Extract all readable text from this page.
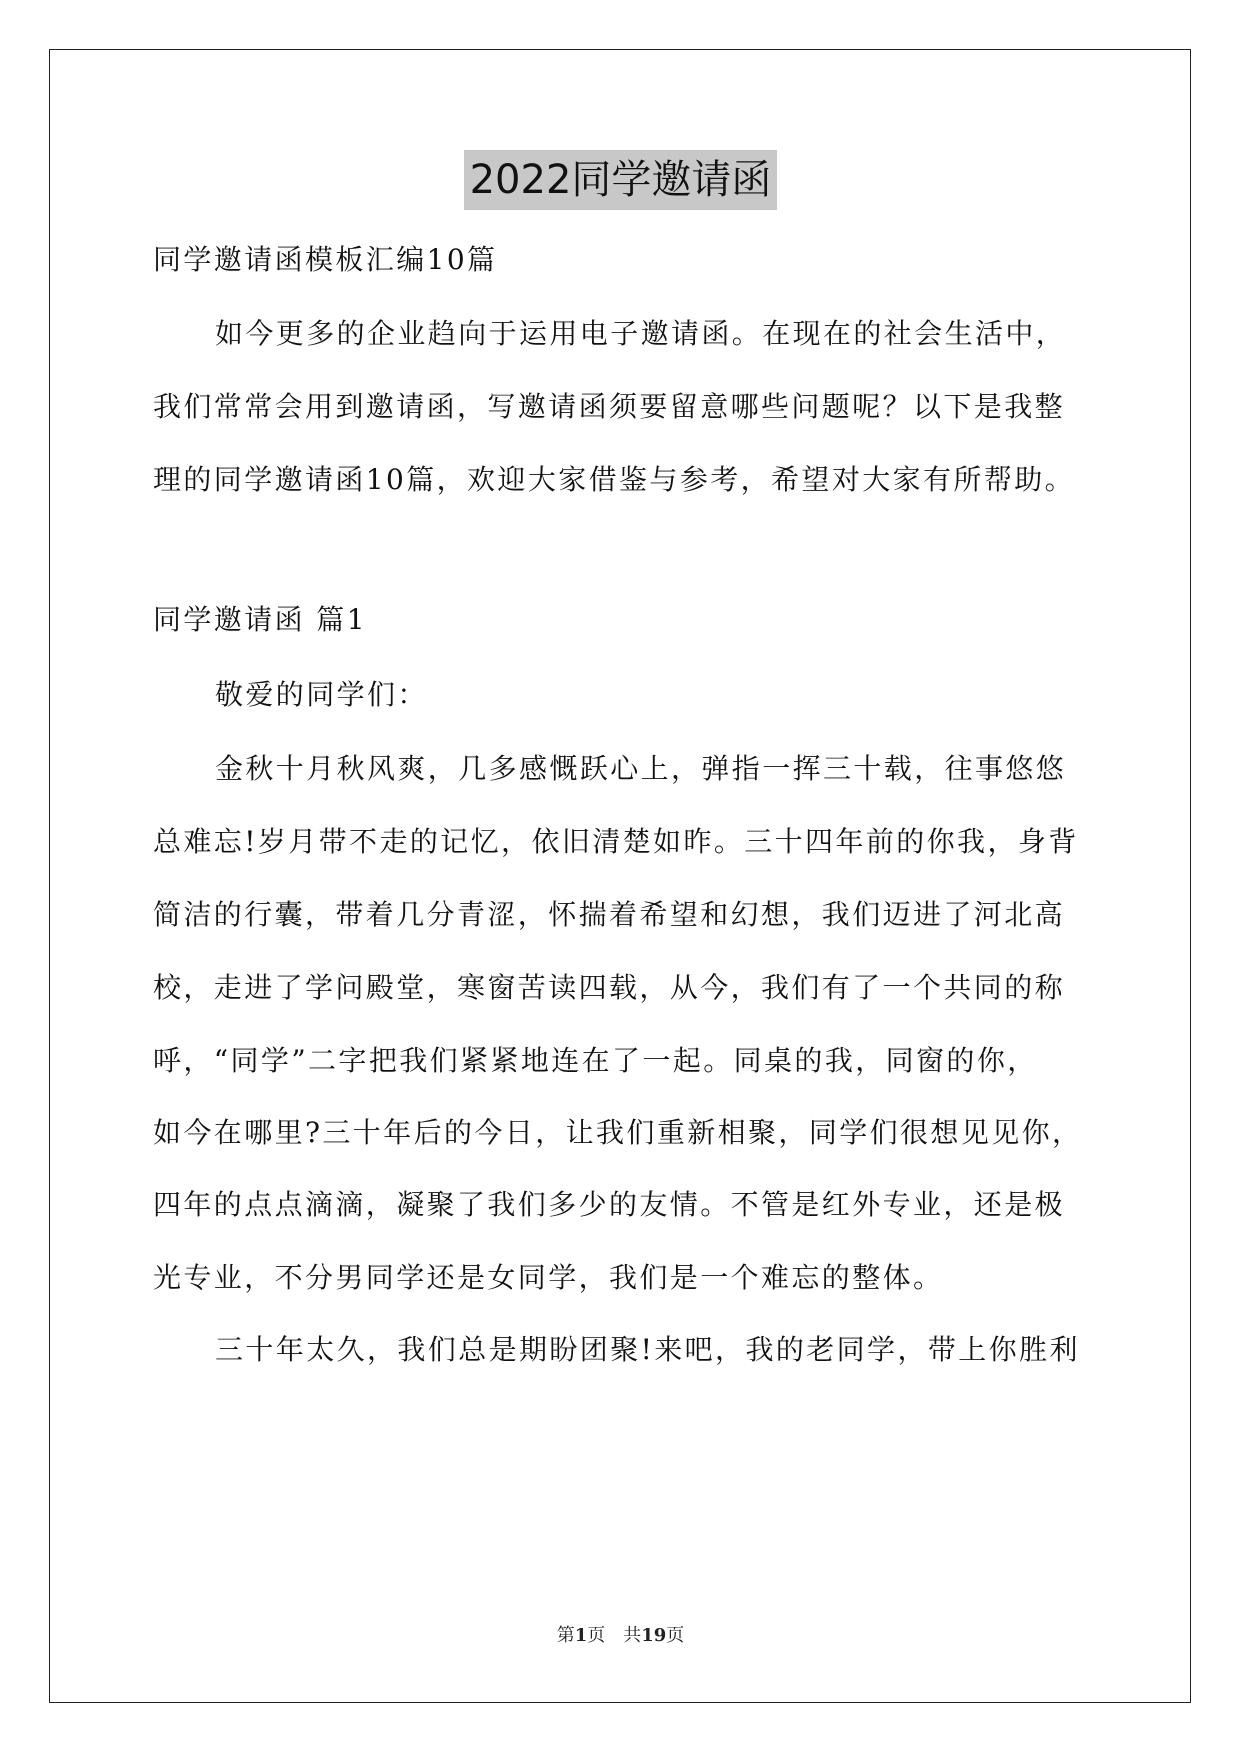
2022同学邀请函
同学邀请函模板汇编10篇
如今更多的企业趋向于运用电子邀请函。在现在的社会生活中，
我们常常会用到邀请函，写邀请函须要留意哪些问题呢？以下是我整
理的同学邀请函10篇，欢迎大家借鉴与参考，希望对大家有所帮助。
同学邀请函 篇1
敬爱的同学们：
金秋十月秋风爽，几多感慨跃心上，弹指一挥三十载，往事悠悠
总难忘!岁月带不走的记忆，依旧清楚如昨。三十四年前的你我，身背
简洁的行囊，带着几分青涩，怀揣着希望和幻想，我们迈进了河北高
校，走进了学问殿堂，寒窗苦读四载，从今，我们有了一个共同的称
呼，“同学”二字把我们紧紧地连在了一起。同桌的我，同窗的你，
如今在哪里?三十年后的今日，让我们重新相聚，同学们很想见见你，
四年的点点滴滴，凝聚了我们多少的友情。不管是红外专业，还是极
光专业，不分男同学还是女同学，我们是一个难忘的整体。
三十年太久，我们总是期盼团聚!来吧，我的老同学，带上你胜利
第1页 共19页
